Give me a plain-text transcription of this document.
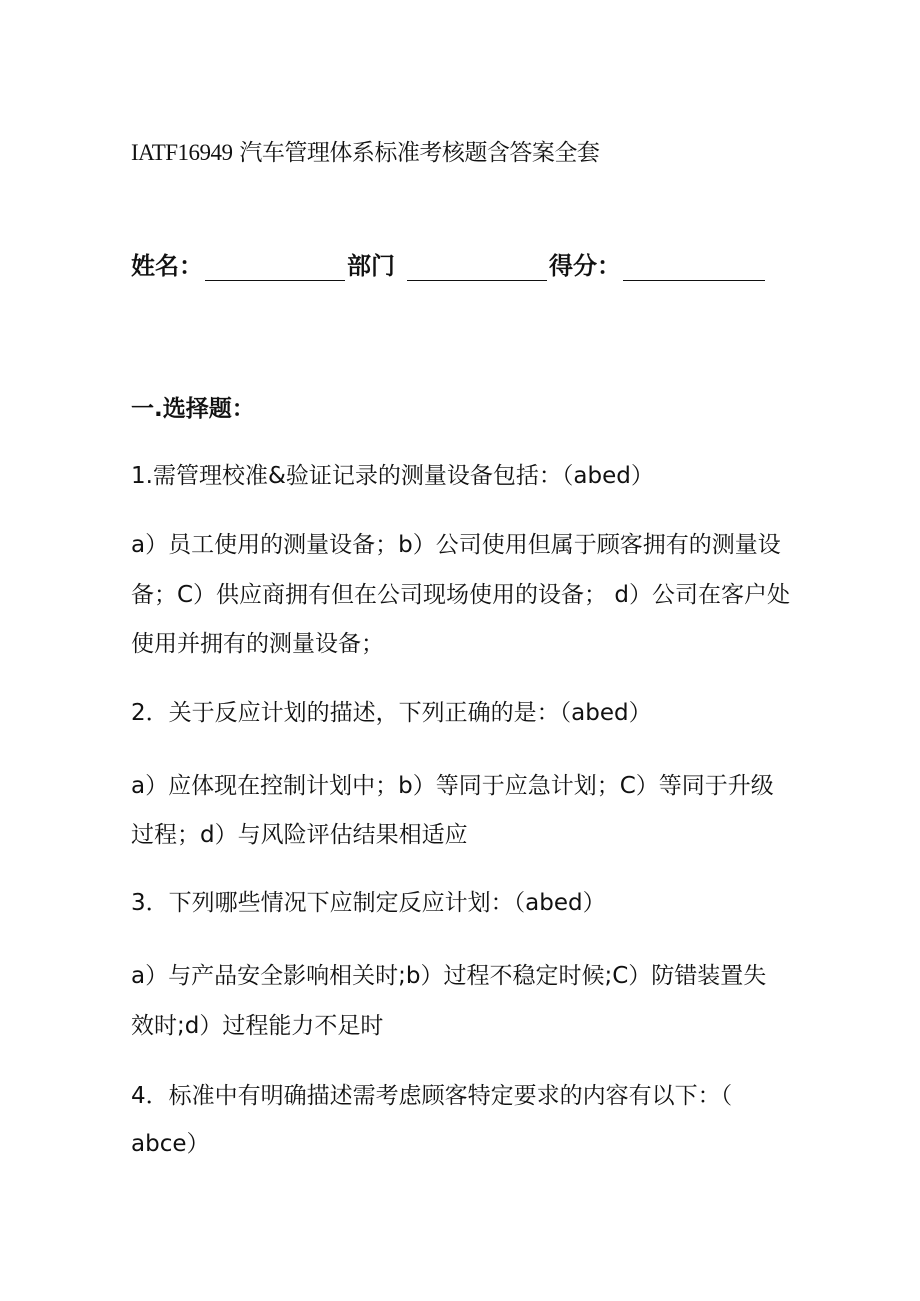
IATF16949 汽车管理体系标准考核题含答案全套
姓名：	部门	得分：
一.选择题：
1.需管理校准&验证记录的测量设备包括：（abed）
a）员工使用的测量设备；b）公司使用但属于顾客拥有的测量设
备；C）供应商拥有但在公司现场使用的设备； d）公司在客户处
使用并拥有的测量设备；
2．关于反应计划的描述，下列正确的是：（abed）
a）应体现在控制计划中；b）等同于应急计划；C）等同于升级
过程；d）与风险评估结果相适应
3．下列哪些情况下应制定反应计划：（abed）
a）与产品安全影响相关时;b）过程不稳定时候;C）防错装置失
效时;d）过程能力不足时
4．标准中有明确描述需考虑顾客特定要求的内容有以下：（
abce）
